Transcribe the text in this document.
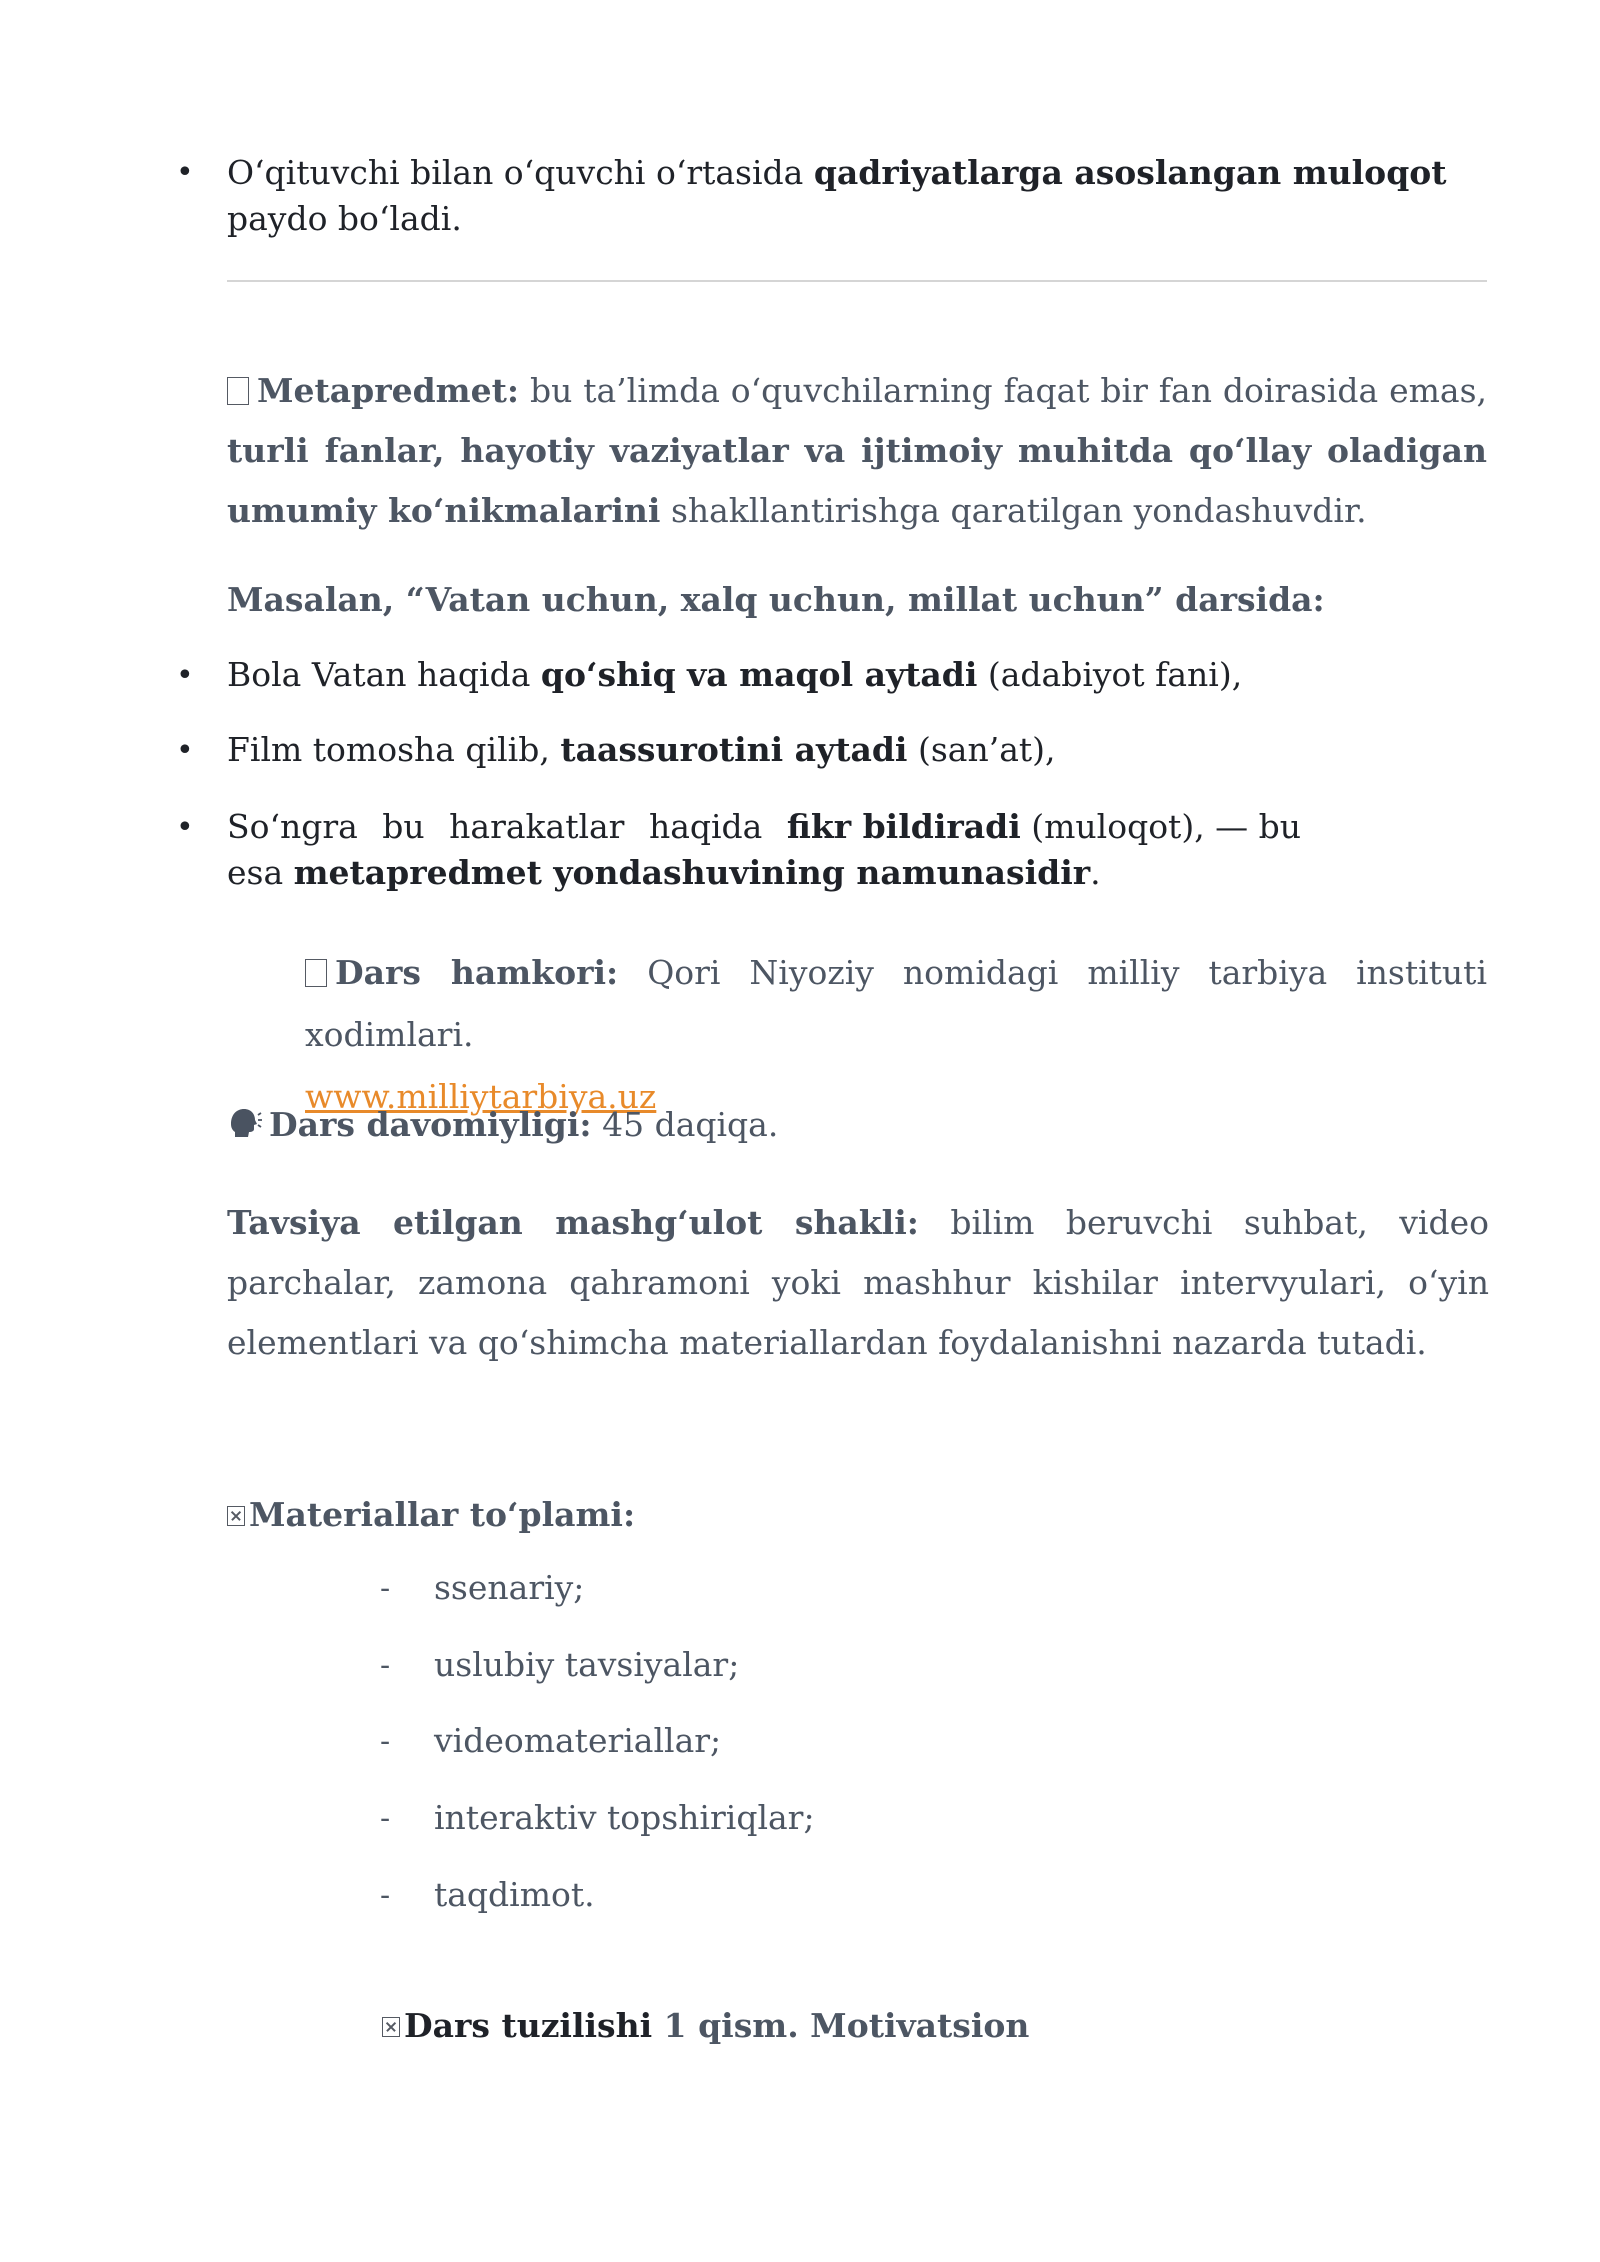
• O‘qituvchi bilan o‘quvchi o‘rtasida qadriyatlarga asoslangan muloqot paydo bo‘ladi.
Metapredmet: bu ta’limda o‘quvchilarning faqat bir fan doirasida emas, turli fanlar, hayotiy vaziyatlar va ijtimoiy muhitda qo‘llay oladigan umumiy ko‘nikmalarini shakllantirishga qaratilgan yondashuvdir.
Masalan, “Vatan uchun, xalq uchun, millat uchun” darsida:
• Bola Vatan haqida qo‘shiq va maqol aytadi (adabiyot fani),
• Film tomosha qilib, taassurotini aytadi (san’at),
• So‘ngra bu harakatlar haqida fikr bildiradi (muloqot), — bu esa metapredmet yondashuvining namunasidir.
Dars hamkori: Qori Niyoziy nomidagi milliy tarbiya instituti xodimlari.
www.milliytarbiya.uz
Dars davomiyligi: 45 daqiqa.
Tavsiya etilgan mashg‘ulot shakli: bilim beruvchi suhbat, video parchalar, zamona qahramoni yoki mashhur kishilar intervyulari, o‘yin elementlari va qo‘shimcha materiallardan foydalanishni nazarda tutadi.
Materiallar to‘plami:
- ssenariy;
- uslubiy tavsiyalar;
- videomateriallar;
- interaktiv topshiriqlar;
- taqdimot.
Dars tuzilishi 1 qism. Motivatsion
